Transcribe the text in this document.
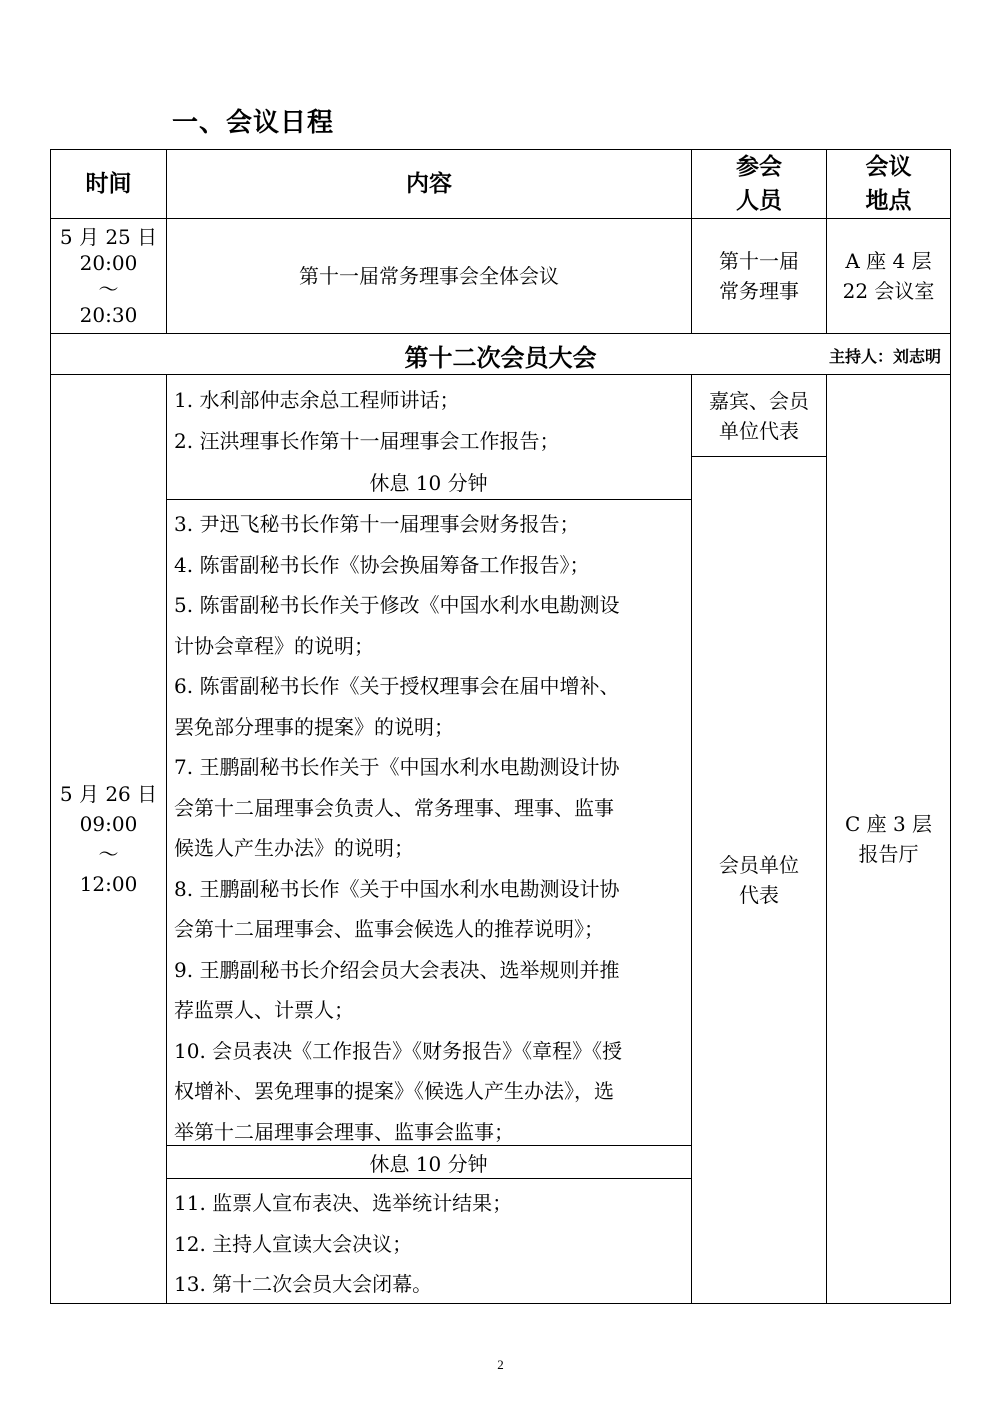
一、会议日程
时间	内容
参会
人员
会议
地点
5 月 25 日
20:00
～
20:30
第十一届常务理事会全体会议
第十一届
常务理事
A 座 4 层
22 会议室
第十二次会员大会	主持人：刘志明
5 月 26 日
09:00
～
12:00
1. 水利部仲志余总工程师讲话；
2. 汪洪理事长作第十一届理事会工作报告；
休息 10 分钟
3. 尹迅飞秘书长作第十一届理事会财务报告；
4. 陈雷副秘书长作《协会换届筹备工作报告》；
5. 陈雷副秘书长作关于修改《中国水利水电勘测设
计协会章程》的说明；
6. 陈雷副秘书长作《关于授权理事会在届中增补、
罢免部分理事的提案》的说明；
7. 王鹏副秘书长作关于《中国水利水电勘测设计协
会第十二届理事会负责人、常务理事、理事、监事
候选人产生办法》的说明；
8. 王鹏副秘书长作《关于中国水利水电勘测设计协
会第十二届理事会、监事会候选人的推荐说明》；
9. 王鹏副秘书长介绍会员大会表决、选举规则并推
荐监票人、计票人；
10. 会员表决《工作报告》《财务报告》《章程》《授
权增补、罢免理事的提案》《候选人产生办法》，选
举第十二届理事会理事、监事会监事；
休息 10 分钟
11. 监票人宣布表决、选举统计结果；
12. 主持人宣读大会决议；
13. 第十二次会员大会闭幕。
嘉宾、会员
单位代表
会员单位
代表
C 座 3 层
报告厅
2
